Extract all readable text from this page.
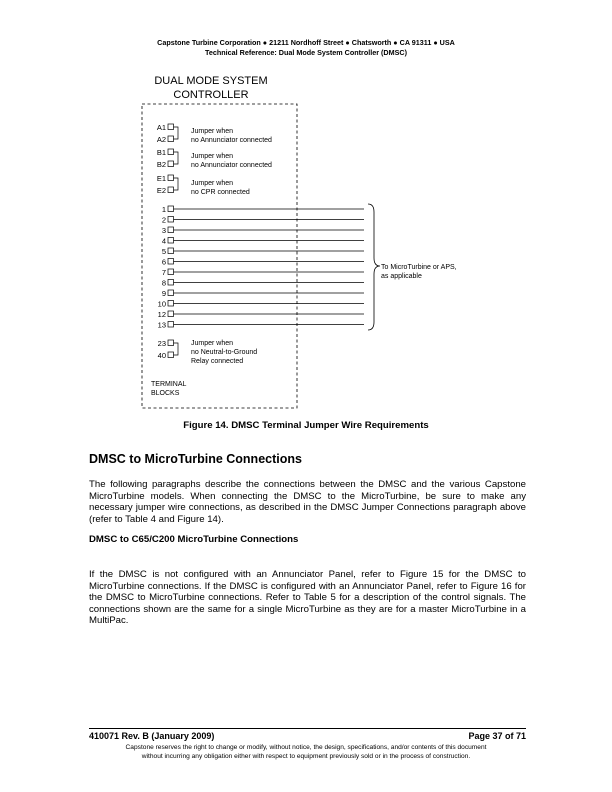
Capstone Turbine Corporation ● 21211 Nordhoff Street ● Chatsworth ● CA 91311 ● USA
Technical Reference: Dual Mode System Controller (DMSC)
DUAL MODE SYSTEM
CONTROLLER
A1
A2
Jumper when
no Annunciator connected
B1
B2
Jumper when
no Annunciator connected
E1
E2
Jumper when
no CPR connected
1
2
3
4
5
6
7
8
9
10
12
13
To MicroTurbine or APS,
as applicable
23
40
Jumper when
no Neutral-to-Ground
Relay connected
TERMINAL
BLOCKS
Figure 14. DMSC Terminal Jumper Wire Requirements
DMSC to MicroTurbine Connections

The following paragraphs describe the connections between the DMSC and the various Capstone MicroTurbine models. When connecting the DMSC to the MicroTurbine, be sure to make any necessary jumper wire connections, as described in the DMSC Jumper Connections paragraph above (refer to Table 4 and Figure 14).

DMSC to C65/C200 MicroTurbine Connections

If the DMSC is not configured with an Annunciator Panel, refer to Figure 15 for the DMSC to MicroTurbine connections. If the DMSC is configured with an Annunciator Panel, refer to Figure 16 for the DMSC to MicroTurbine connections. Refer to Table 5 for a description of the control signals. The connections shown are the same for a single MicroTurbine as they are for a master MicroTurbine in a MultiPac.

410071 Rev. B (January 2009)	Page 37 of 71
Capstone reserves the right to change or modify, without notice, the design, specifications, and/or contents of this document
without incurring any obligation either with respect to equipment previously sold or in the process of construction.
